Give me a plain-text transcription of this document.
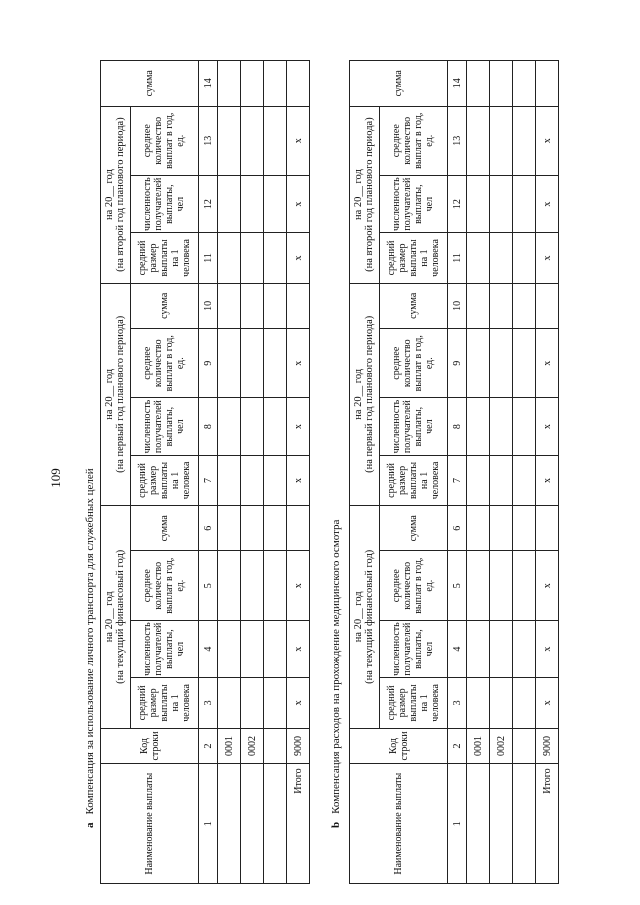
109
аКомпенсация за использование личного транспорта для служебных целей
bКомпенсация расходов на прохождение медицинского осмотра
Наименование выплаты	Код строки	на 20__ год
(на текущий финансовый год)				на 20__ год
(на первый год планового периода)				на 20__ год
(на второй год планового периода)			сумма
		средний размер выплаты на 1 человека	численность получателей выплаты, чел	среднее количество выплат в год, ед.	сумма	средний размер выплаты на 1 человека	численность получателей выплаты, чел	среднее количество выплат в год, ед.	сумма	средний размер выплаты на 1 человека	численность получателей выплаты, чел	среднее количество выплат в год, ед.	
1	2	3	4	5	6	7	8	9	10	11	12	13	14
	0001												
	0002												

Итого	9000	х	х	х		х	х	х		х	х	х	
Наименование выплаты	Код строки	на 20__ год
(на текущий финансовый год)				на 20__ год
(на первый год планового периода)				на 20__ год
(на второй год планового периода)			сумма
		средний размер выплаты на 1 человека	численность получателей выплаты, чел	среднее количество выплат в год, ед.	сумма	средний размер выплаты на 1 человека	численность получателей выплаты, чел	среднее количество выплат в год, ед.	сумма	средний размер выплаты на 1 человека	численность получателей выплаты, чел	среднее количество выплат в год, ед.	
1	2	3	4	5	6	7	8	9	10	11	12	13	14
	0001												
	0002												

Итого	9000	х	х	х		х	х	х		х	х	х	
